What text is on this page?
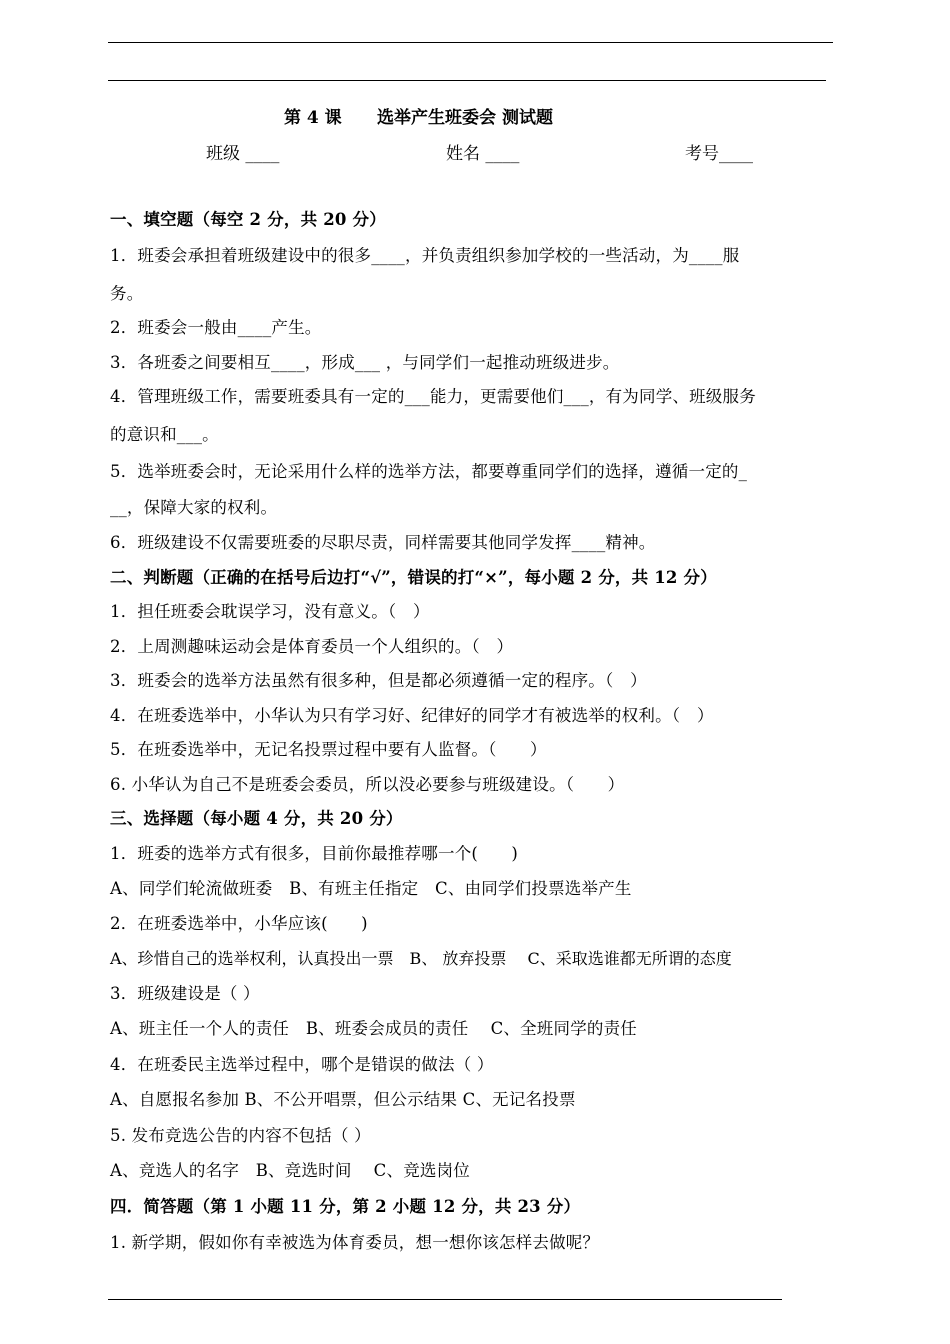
第 4 课 选举产生班委会 测试题
班级 ____	姓名 ____	考号____
一、填空题（每空 2 分，共 20 分）
1．班委会承担着班级建设中的很多____，并负责组织参加学校的一些活动，为____服
务。
2．班委会一般由____产生。
3．各班委之间要相互____，形成___ ，与同学们一起推动班级进步。
4．管理班级工作，需要班委具有一定的___能力，更需要他们___，有为同学、班级服务
的意识和___。
5．选举班委会时，无论采用什么样的选举方法，都要尊重同学们的选择，遵循一定的_
__，保障大家的权利。
6．班级建设不仅需要班委的尽职尽责，同样需要其他同学发挥____精神。
二、判断题（正确的在括号后边打“√”，错误的打“×”，每小题 2 分，共 12 分）
1．担任班委会耽误学习，没有意义。（　）
2．上周测趣味运动会是体育委员一个人组织的。（　）
3．班委会的选举方法虽然有很多种，但是都必须遵循一定的程序。（　）
4．在班委选举中，小华认为只有学习好、纪律好的同学才有被选举的权利。（　）
5．在班委选举中，无记名投票过程中要有人监督。（　　）
6. 小华认为自己不是班委会委员，所以没必要参与班级建设。（　　）
三、选择题（每小题 4 分，共 20 分）
1．班委的选举方式有很多，目前你最推荐哪一个(　　)
A、同学们轮流做班委　B、有班主任指定　C、由同学们投票选举产生
2．在班委选举中，小华应该(　　)
A、珍惜自己的选举权利，认真投出一票　B、 放弃投票　 C、采取选谁都无所谓的态度
3．班级建设是（ ）
A、班主任一个人的责任　B、班委会成员的责任　 C、全班同学的责任
4．在班委民主选举过程中，哪个是错误的做法（ ）
A、自愿报名参加 B、不公开唱票，但公示结果 C、无记名投票
5. 发布竞选公告的内容不包括（ ）
A、竞选人的名字　B、竞选时间　 C、竞选岗位
四．简答题（第 1 小题 11 分，第 2 小题 12 分，共 23 分）
1. 新学期，假如你有幸被选为体育委员，想一想你该怎样去做呢？
